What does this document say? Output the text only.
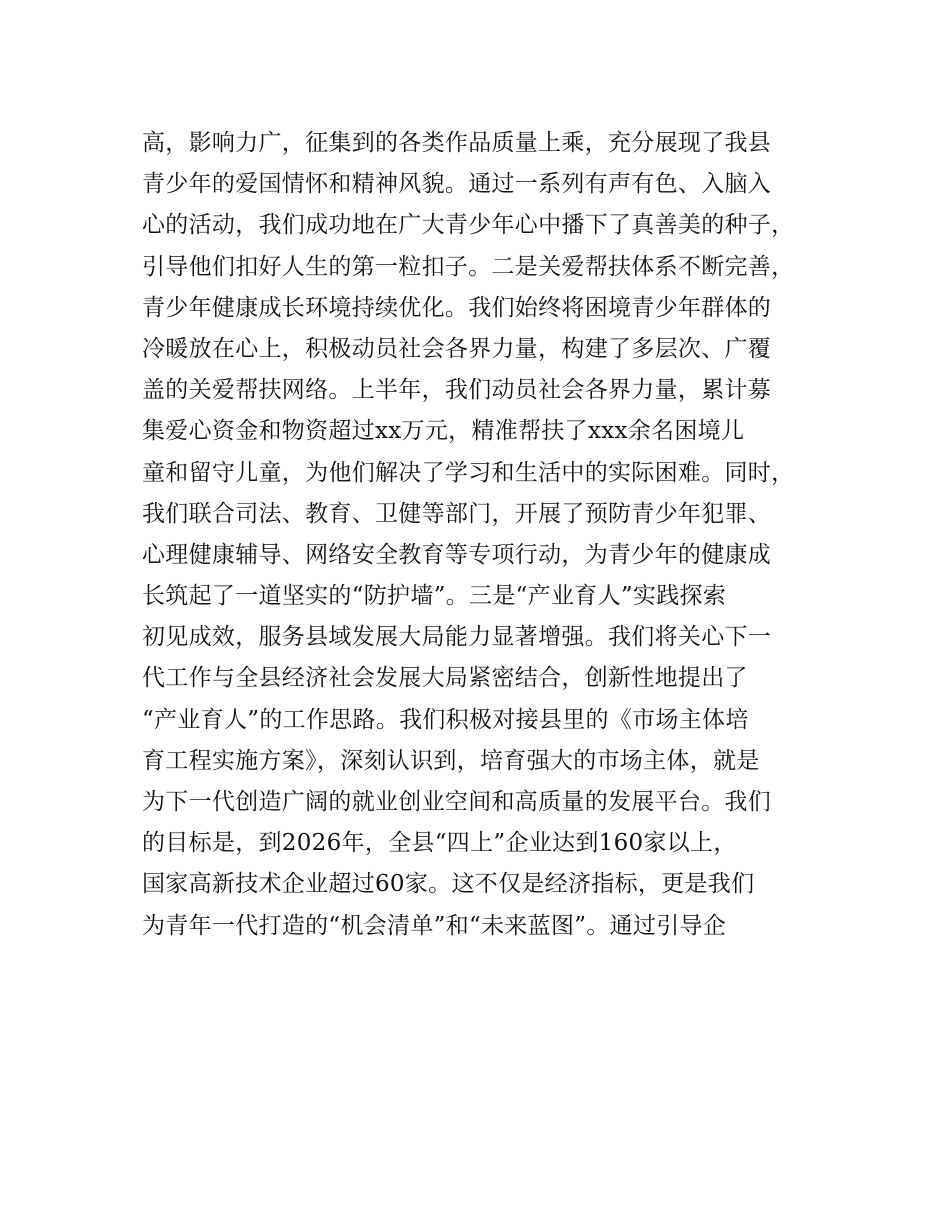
高，影响力广，征集到的各类作品质量上乘，充分展现了我县
青少年的爱国情怀和精神风貌。通过一系列有声有色、入脑入
心的活动，我们成功地在广大青少年心中播下了真善美的种子，
引导他们扣好人生的第一粒扣子。二是关爱帮扶体系不断完善，
青少年健康成长环境持续优化。我们始终将困境青少年群体的
冷暖放在心上，积极动员社会各界力量，构建了多层次、广覆
盖的关爱帮扶网络。上半年，我们动员社会各界力量，累计募
集爱心资金和物资超过xx万元，精准帮扶了xxx余名困境儿
童和留守儿童，为他们解决了学习和生活中的实际困难。同时，
我们联合司法、教育、卫健等部门，开展了预防青少年犯罪、
心理健康辅导、网络安全教育等专项行动，为青少年的健康成
长筑起了一道坚实的“防护墙”。三是“产业育人”实践探索
初见成效，服务县域发展大局能力显著增强。我们将关心下一
代工作与全县经济社会发展大局紧密结合，创新性地提出了
“产业育人”的工作思路。我们积极对接县里的《市场主体培
育工程实施方案》，深刻认识到，培育强大的市场主体，就是
为下一代创造广阔的就业创业空间和高质量的发展平台。我们
的目标是，到2026年，全县“四上”企业达到160家以上，
国家高新技术企业超过60家。这不仅是经济指标，更是我们
为青年一代打造的“机会清单”和“未来蓝图”。通过引导企
